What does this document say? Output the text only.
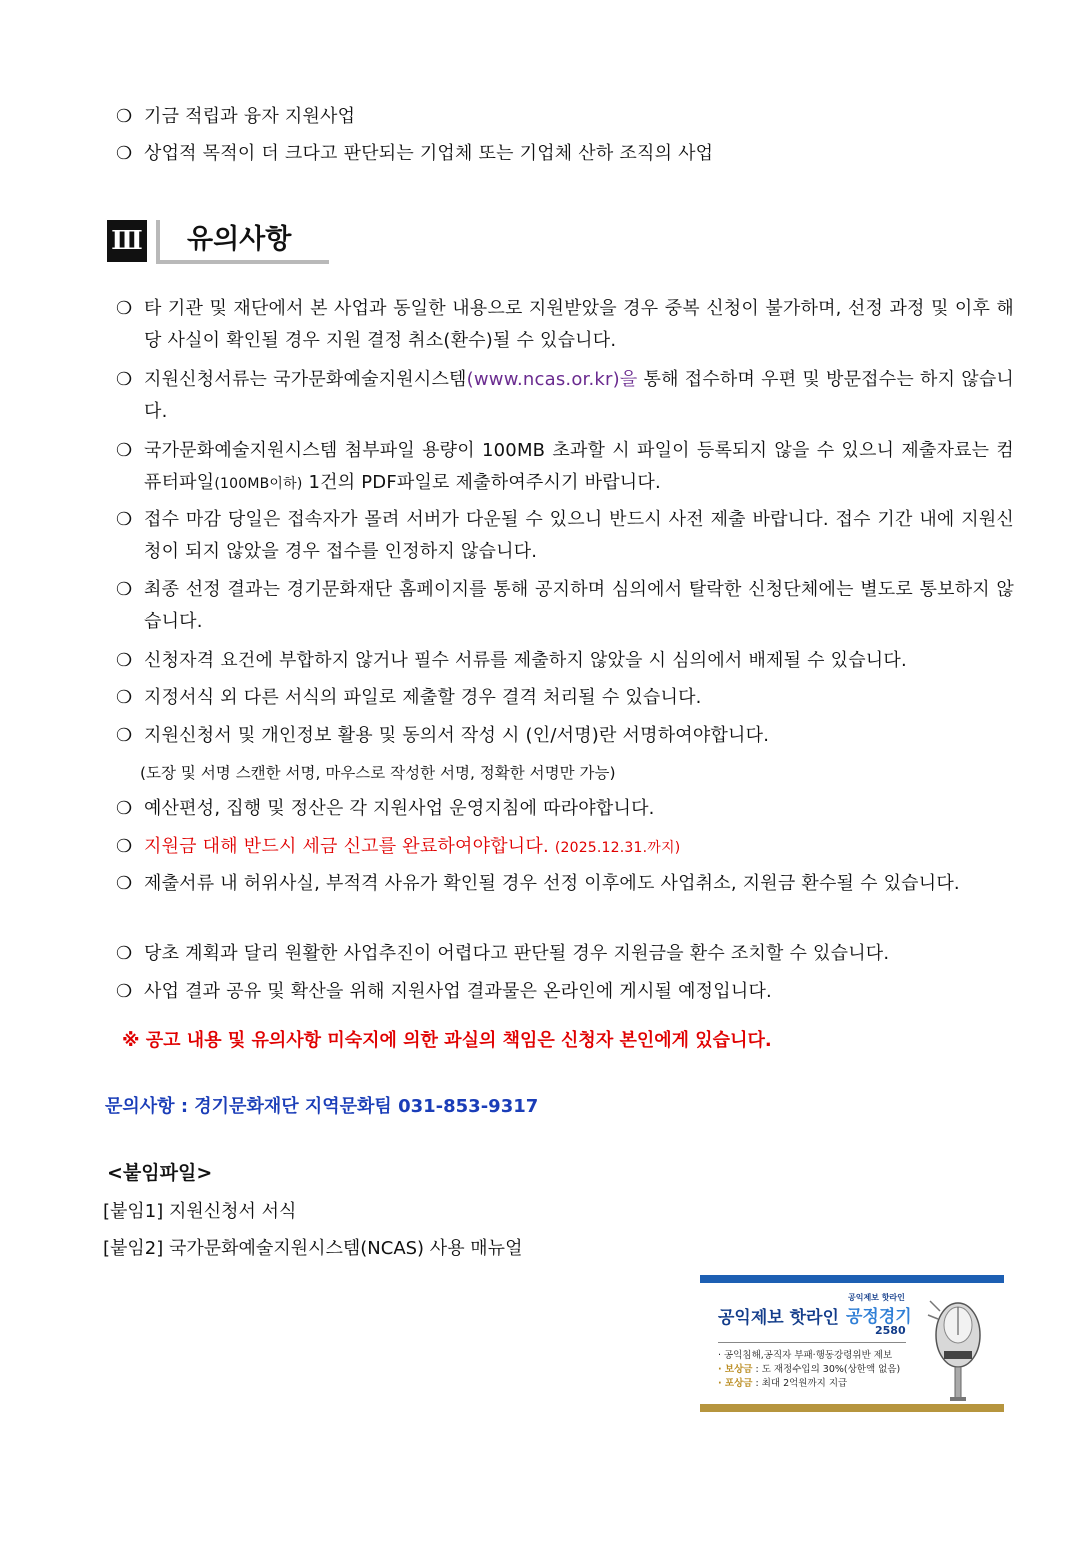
❍ 기금 적립과 융자 지원사업
❍ 상업적 목적이 더 크다고 판단되는 기업체 또는 기업체 산하 조직의 사업
Ⅲ 유의사항
❍ 타 기관 및 재단에서 본 사업과 동일한 내용으로 지원받았을 경우 중복 신청이 불가하며, 선정 과정 및 이후 해당 사실이 확인될 경우 지원 결정 취소(환수)될 수 있습니다.
❍ 지원신청서류는 국가문화예술지원시스템(www.ncas.or.kr)을 통해 접수하며 우편 및 방문접수는 하지 않습니다.
❍ 국가문화예술지원시스템 첨부파일 용량이 100MB 초과할 시 파일이 등록되지 않을 수 있으니 제출자료는 컴퓨터파일(100MB이하) 1건의 PDF파일로 제출하여주시기 바랍니다.
❍ 접수 마감 당일은 접속자가 몰려 서버가 다운될 수 있으니 반드시 사전 제출 바랍니다. 접수 기간 내에 지원신청이 되지 않았을 경우 접수를 인정하지 않습니다.
❍ 최종 선정 결과는 경기문화재단 홈페이지를 통해 공지하며 심의에서 탈락한 신청단체에는 별도로 통보하지 않습니다.
❍ 신청자격 요건에 부합하지 않거나 필수 서류를 제출하지 않았을 시 심의에서 배제될 수 있습니다.
❍ 지정서식 외 다른 서식의 파일로 제출할 경우 결격 처리될 수 있습니다.
❍ 지원신청서 및 개인정보 활용 및 동의서 작성 시 (인/서명)란 서명하여야합니다.
(도장 및 서명 스캔한 서명, 마우스로 작성한 서명, 정확한 서명만 가능)
❍ 예산편성, 집행 및 정산은 각 지원사업 운영지침에 따라야합니다.
❍ 지원금 대해 반드시 세금 신고를 완료하여야합니다. (2025.12.31.까지)
❍ 제출서류 내 허위사실, 부적격 사유가 확인될 경우 선정 이후에도 사업취소, 지원금 환수될 수 있습니다.
❍ 당초 계획과 달리 원활한 사업추진이 어렵다고 판단될 경우 지원금을 환수 조치할 수 있습니다.
❍ 사업 결과 공유 및 확산을 위해 지원사업 결과물은 온라인에 게시될 예정입니다.
※ 공고 내용 및 유의사항 미숙지에 의한 과실의 책임은 신청자 본인에게 있습니다.
문의사항 : 경기문화재단 지역문화팀 031-853-9317
<붙임파일>
[붙임1] 지원신청서 서식
[붙임2] 국가문화예술지원시스템(NCAS) 사용 매뉴얼
공익제보 핫라인
공익제보 핫라인
공정경기
2580
· 공익침해,공직자 부패·행동강령위반 제보
· 보상금 : 도 재정수입의 30%(상한액 없음)
· 포상금 : 최대 2억원까지 지급
